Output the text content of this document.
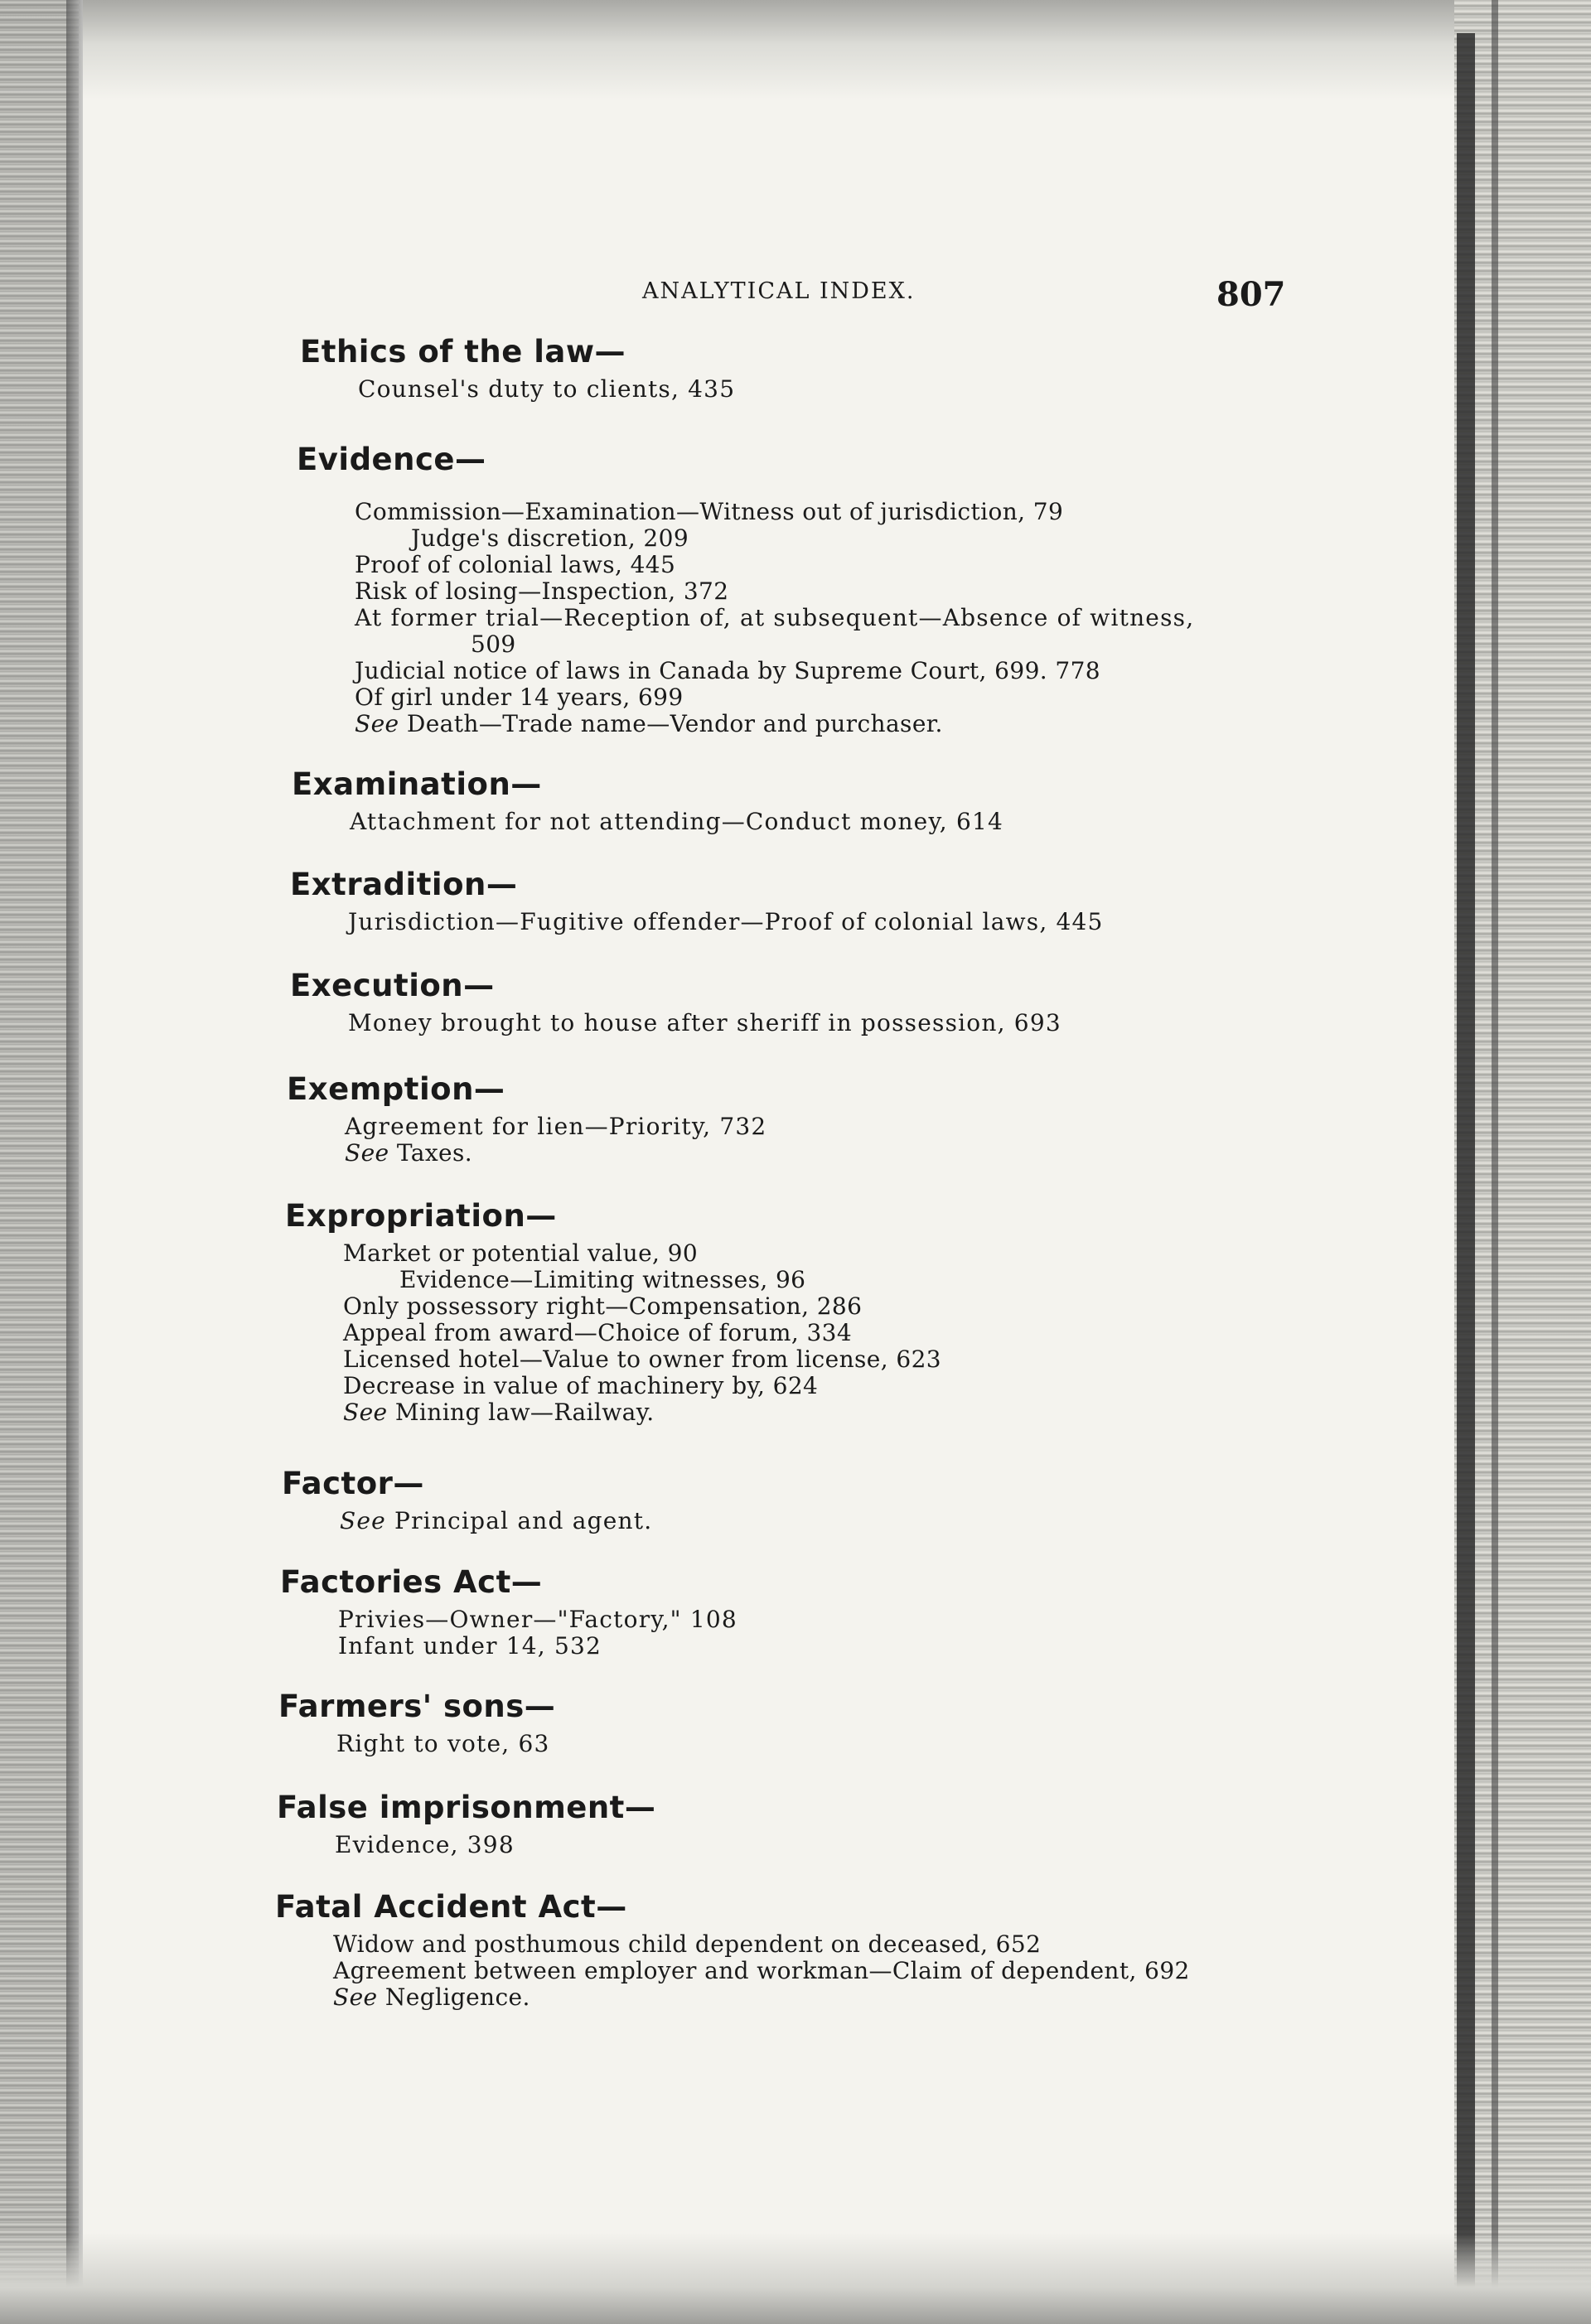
ANALYTICAL INDEX.	807
Ethics of the law—
Counsel's duty to clients, 435
Evidence—
Commission—Examination—Witness out of jurisdiction, 79
Judge's discretion, 209
Proof of colonial laws, 445
Risk of losing—Inspection, 372
At former trial—Reception of, at subsequent—Absence of witness,
509
Judicial notice of laws in Canada by Supreme Court, 699. 778
Of girl under 14 years, 699
See Death—Trade name—Vendor and purchaser.
Examination—
Attachment for not attending—Conduct money, 614
Extradition—
Jurisdiction—Fugitive offender—Proof of colonial laws, 445
Execution—
Money brought to house after sheriff in possession, 693
Exemption—
Agreement for lien—Priority, 732
See Taxes.
Expropriation—
Market or potential value, 90
Evidence—Limiting witnesses, 96
Only possessory right—Compensation, 286
Appeal from award—Choice of forum, 334
Licensed hotel—Value to owner from license, 623
Decrease in value of machinery by, 624
See Mining law—Railway.
Factor—
See Principal and agent.
Factories Act—
Privies—Owner—"Factory," 108
Infant under 14, 532
Farmers' sons—
Right to vote, 63
False imprisonment—
Evidence, 398
Fatal Accident Act—
Widow and posthumous child dependent on deceased, 652
Agreement between employer and workman—Claim of dependent, 692
See Negligence.
